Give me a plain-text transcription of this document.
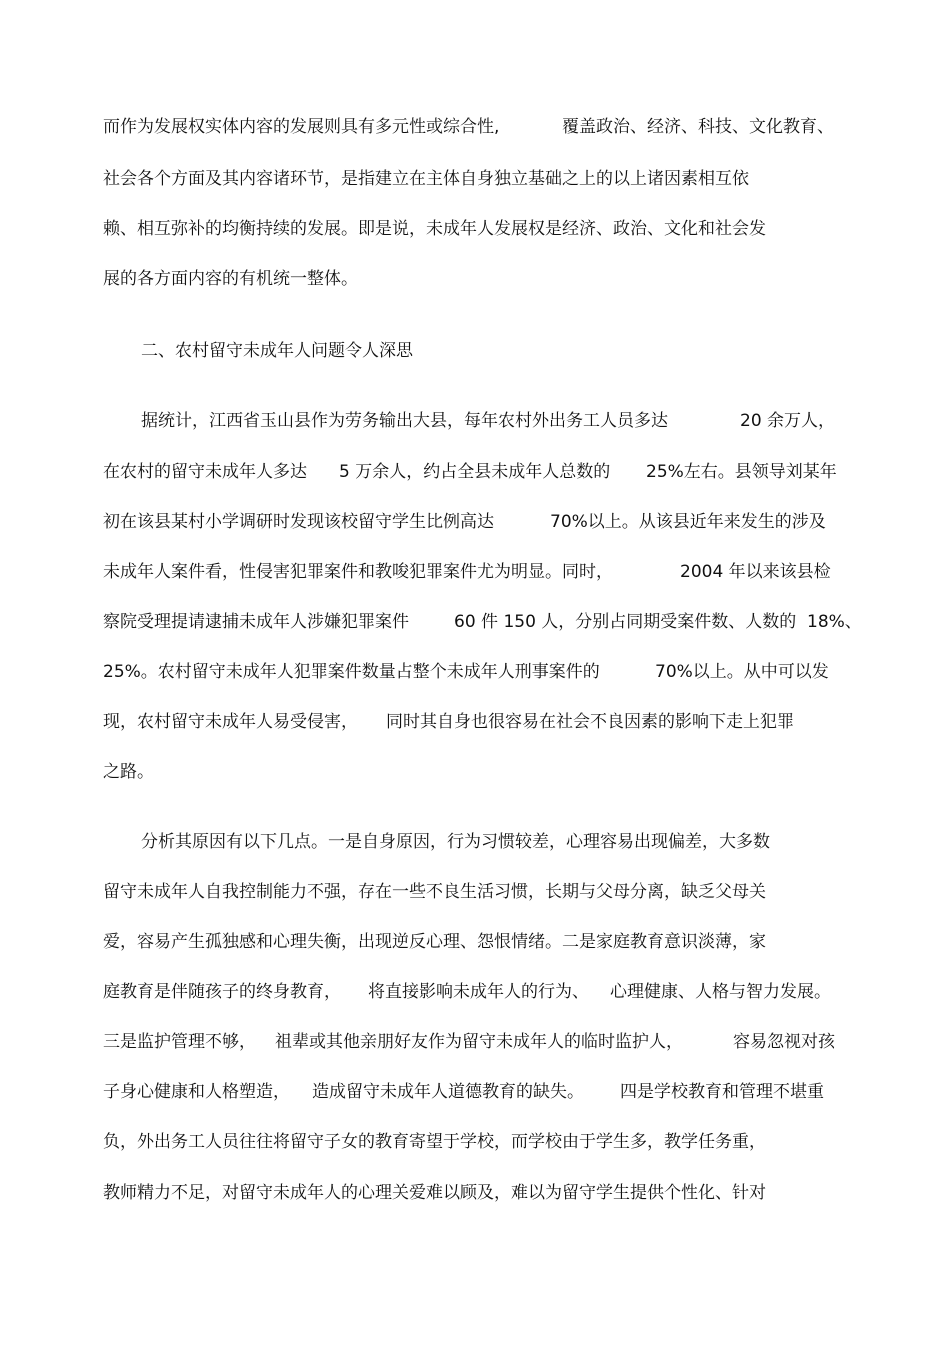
而作为发展权实体内容的发展则具有多元性或综合性,

	覆盖政治、经济、科技、文化教育、

社会各个方面及其内容诸环节，是指建立在主体自身独立基础之上的以上诸因素相互依

赖、相互弥补的均衡持续的发展。即是说，未成年人发展权是经济、政治、文化和社会发

展的各方面内容的有机统一整体。

二、农村留守未成年人问题令人深思

据统计，江西省玉山县作为劳务输出大县，每年农村外出务工人员多达

	20 余万人，

在农村的留守未成年人多达

5 万余人，约占全县未成年人总数的

25%左右。县领导刘某年

初在该县某村小学调研时发现该校留守学生比例高达

	70%以上。从该县近年来发生的涉及

未成年人案件看，性侵害犯罪案件和教唆犯罪案件尤为明显。同时，

	2004 年以来该县检

察院受理提请逮捕未成年人涉嫌犯罪案件

	60 件 150 人，分别占同期受案件数、人数的

18%、

25%。农村留守未成年人犯罪案件数量占整个未成年人刑事案件的

	70%以上。从中可以发

现，农村留守未成年人易受侵害，

同时其自身也很容易在社会不良因素的影响下走上犯罪

之路。

分析其原因有以下几点。一是自身原因，行为习惯较差，心理容易出现偏差，大多数

留守未成年人自我控制能力不强，存在一些不良生活习惯，长期与父母分离，缺乏父母关

爱，容易产生孤独感和心理失衡，出现逆反心理、怨恨情绪。二是家庭教育意识淡薄，家

庭教育是伴随孩子的终身教育，

将直接影响未成年人的行为、

心理健康、人格与智力发展。

三是监护管理不够，

祖辈或其他亲朋好友作为留守未成年人的临时监护人，

	容易忽视对孩

子身心健康和人格塑造，

造成留守未成年人道德教育的缺失。

四是学校教育和管理不堪重

负，外出务工人员往往将留守子女的教育寄望于学校，而学校由于学生多，教学任务重，

教师精力不足，对留守未成年人的心理关爱难以顾及，难以为留守学生提供个性化、针对
